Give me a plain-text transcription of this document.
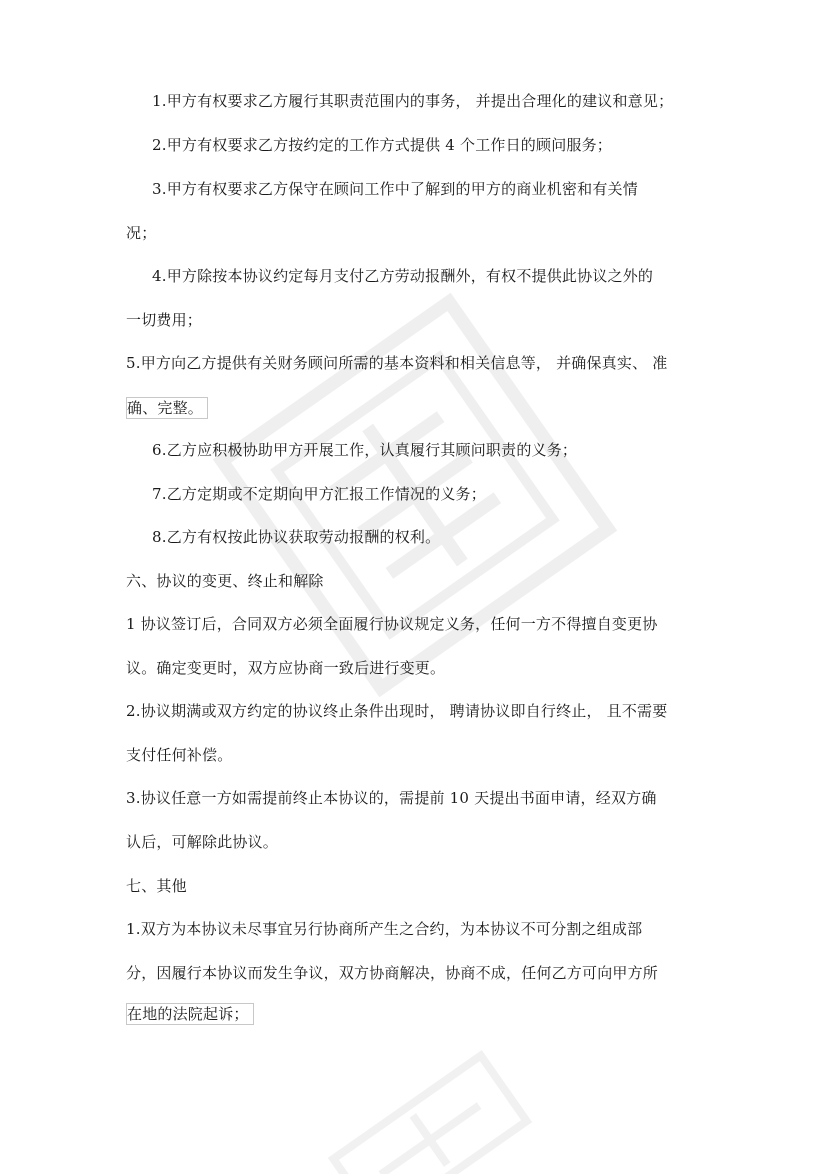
1.甲方有权要求乙方履行其职责范围内的事务， 并提出合理化的建议和意见；
2.甲方有权要求乙方按约定的工作方式提供 4 个工作日的顾问服务；
3.甲方有权要求乙方保守在顾问工作中了解到的甲方的商业机密和有关情
况；
4.甲方除按本协议约定每月支付乙方劳动报酬外，有权不提供此协议之外的
一切费用；
5.甲方向乙方提供有关财务顾问所需的基本资料和相关信息等， 并确保真实、 准
确、完整。
6.乙方应积极协助甲方开展工作，认真履行其顾问职责的义务；
7.乙方定期或不定期向甲方汇报工作情况的义务；
8.乙方有权按此协议获取劳动报酬的权利。
六、协议的变更、终止和解除
1 协议签订后，合同双方必须全面履行协议规定义务，任何一方不得擅自变更协
议。确定变更时，双方应协商一致后进行变更。
2.协议期满或双方约定的协议终止条件出现时， 聘请协议即自行终止， 且不需要
支付任何补偿。
3.协议任意一方如需提前终止本协议的，需提前 10 天提出书面申请，经双方确
认后，可解除此协议。
七、其他
1.双方为本协议未尽事宜另行协商所产生之合约，为本协议不可分割之组成部
分，因履行本协议而发生争议，双方协商解决，协商不成，任何乙方可向甲方所
在地的法院起诉；
